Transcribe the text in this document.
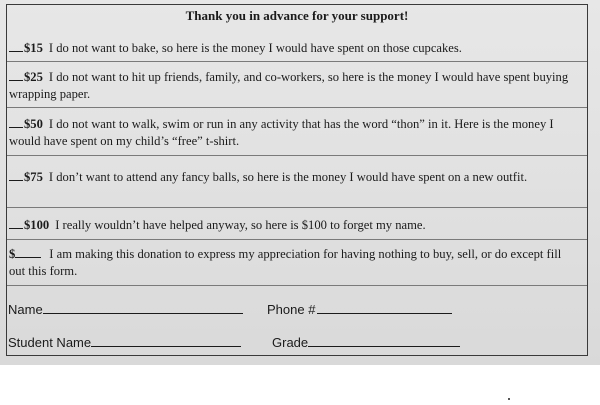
Thank you in advance for your support!
$15 I do not want to bake, so here is the money I would have spent on those cupcakes.
$25 I do not want to hit up friends, family, and co-workers, so here is the money I would have spent buying wrapping paper.
$50 I do not want to walk, swim or run in any activity that has the word “thon” in it. Here is the money I would have spent on my child’s “free” t-shirt.
$75 I don’t want to attend any fancy balls, so here is the money I would have spent on a new outfit.
$100 I really wouldn’t have helped anyway, so here is $100 to forget my name.
$	I am making this donation to express my appreciation for having nothing to buy, sell, or do except fill out this form.
Name	Phone #
Student Name	Grade
